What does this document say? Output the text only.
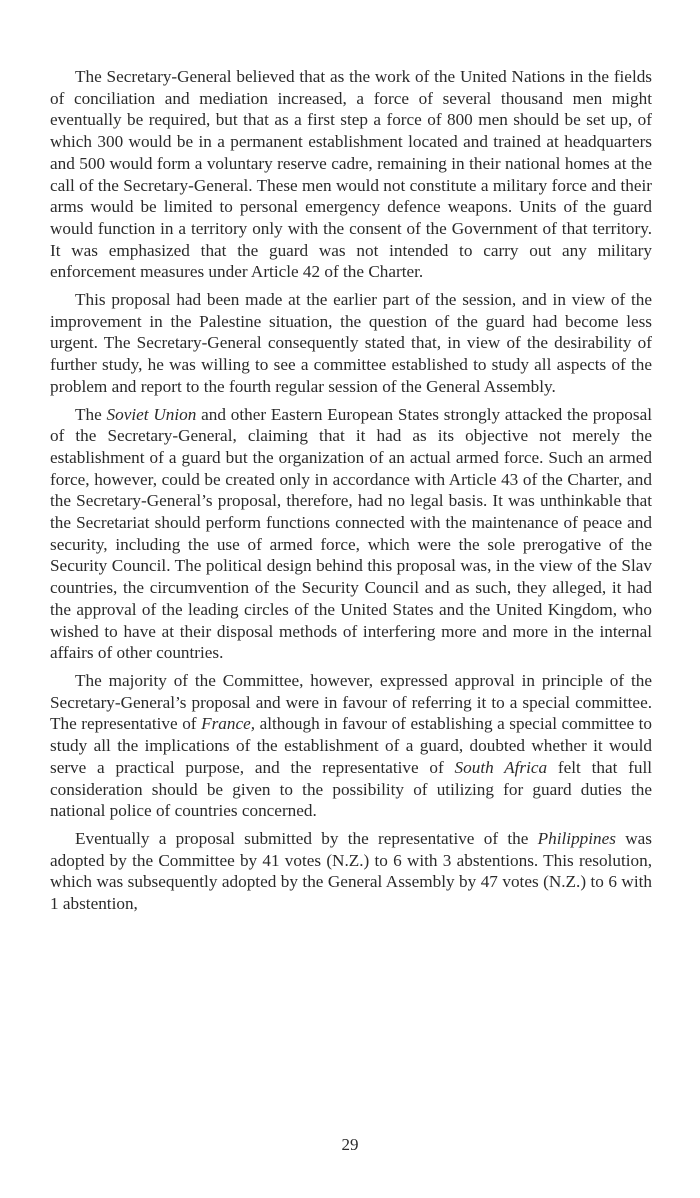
The Secretary-General believed that as the work of the United Nations in the fields of conciliation and mediation increased, a force of several thousand men might eventually be required, but that as a first step a force of 800 men should be set up, of which 300 would be in a permanent establishment located and trained at headquarters and 500 would form a voluntary reserve cadre, remaining in their national homes at the call of the Secretary-General. These men would not constitute a military force and their arms would be limited to personal emergency defence weapons. Units of the guard would function in a territory only with the consent of the Government of that territory. It was emphasized that the guard was not intended to carry out any military enforcement measures under Article 42 of the Charter.

This proposal had been made at the earlier part of the session, and in view of the improvement in the Palestine situation, the question of the guard had become less urgent. The Secretary-General consequently stated that, in view of the desirability of further study, he was willing to see a committee established to study all aspects of the problem and report to the fourth regular session of the General Assembly.

The Soviet Union and other Eastern European States strongly attacked the proposal of the Secretary-General, claiming that it had as its objective not merely the establishment of a guard but the organization of an actual armed force. Such an armed force, however, could be created only in accordance with Article 43 of the Charter, and the Secretary-General’s proposal, therefore, had no legal basis. It was unthinkable that the Secretariat should perform functions connected with the maintenance of peace and security, including the use of armed force, which were the sole prerogative of the Security Council. The political design behind this proposal was, in the view of the Slav countries, the circumvention of the Security Council and as such, they alleged, it had the approval of the leading circles of the United States and the United Kingdom, who wished to have at their disposal methods of interfering more and more in the internal affairs of other countries.

The majority of the Committee, however, expressed approval in principle of the Secretary-General’s proposal and were in favour of referring it to a special committee. The representative of France, although in favour of establishing a special committee to study all the implications of the establishment of a guard, doubted whether it would serve a practical purpose, and the representative of South Africa felt that full consideration should be given to the possibility of utilizing for guard duties the national police of countries concerned.

Eventually a proposal submitted by the representative of the Philippines was adopted by the Committee by 41 votes (N.Z.) to 6 with 3 abstentions. This resolution, which was subsequently adopted by the General Assembly by 47 votes (N.Z.) to 6 with 1 abstention,

29
